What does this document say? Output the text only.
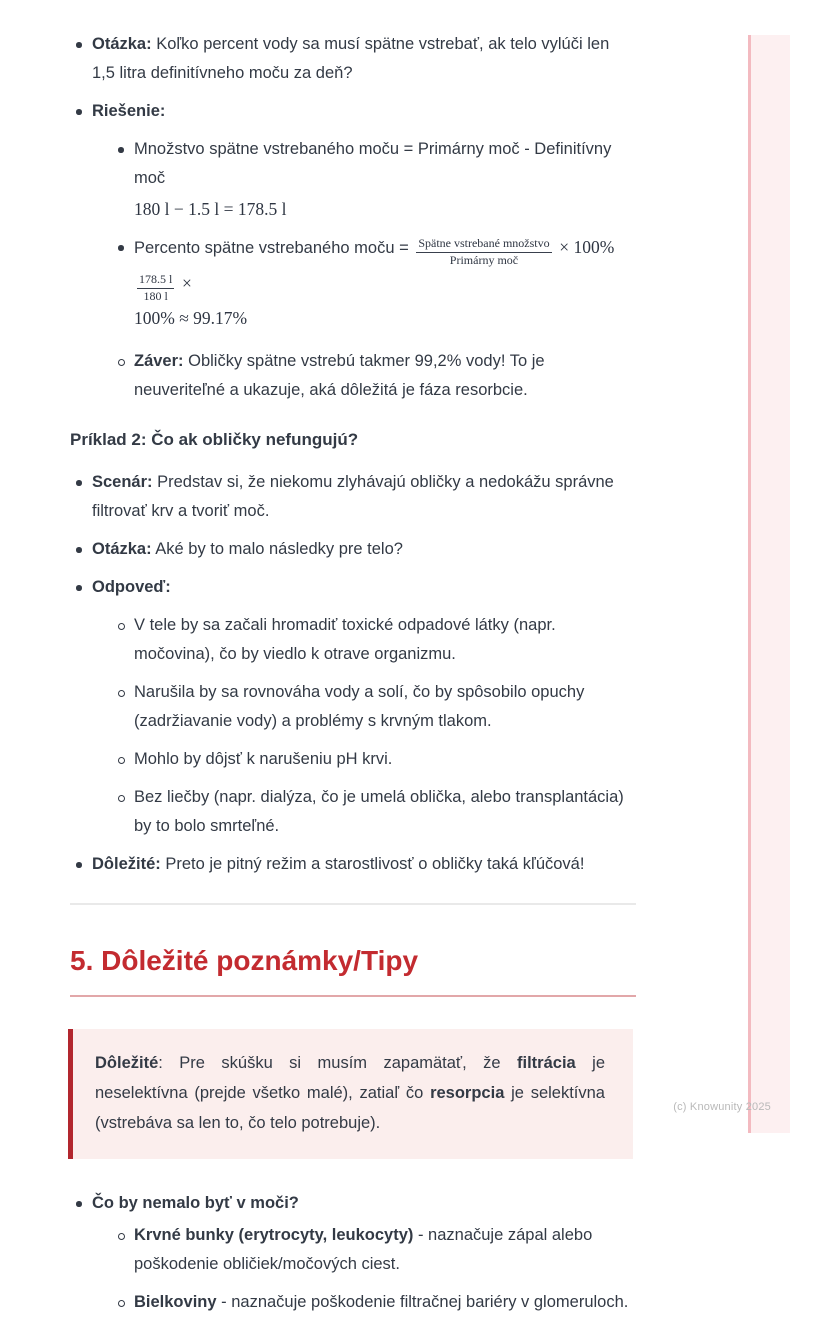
Otázka: Koľko percent vody sa musí spätne vstrebať, ak telo vylúči len 1,5 litra definitívneho moču za deň?
Riešenie:
Množstvo spätne vstrebaného moču = Primárny moč - Definitívny moč
180 l − 1.5 l = 178.5 l
Percento spätne vstrebaného moču = $\frac{\text{Spätne vstrebané množstvo}}{\text{Primárny moč}} \times 100\%$
$\frac{178.5 l}{180 l}$ ×
100% ≈ 99.17%
Záver: Obličky spätne vstrebú takmer 99,2% vody! To je neuveriteľné a ukazuje, aká dôležitá je fáza resorbcie.
Príklad 2: Čo ak obličky nefungujú?
Scenár: Predstav si, že niekomu zlyhávajú obličky a nedokážu správne filtrovať krv a tvoriť moč.
Otázka: Aké by to malo následky pre telo?
Odpoveď:
V tele by sa začali hromadiť toxické odpadové látky (napr. močovina), čo by viedlo k otrave organizmu.
Narušila by sa rovnováha vody a solí, čo by spôsobilo opuchy (zadržiavanie vody) a problémy s krvným tlakom.
Mohlo by dôjsť k narušeniu pH krvi.
Bez liečby (napr. dialýza, čo je umelá oblička, alebo transplantácia) by to bolo smrteľné.
Dôležité: Preto je pitný režim a starostlivosť o obličky taká kľúčová!
5. Dôležité poznámky/Tipy
Dôležité: Pre skúšku si musím zapamätať, že filtrácia je neselektívna (prejde všetko malé), zatiaľ čo resorpcia je selektívna (vstrebáva sa len to, čo telo potrebuje).
Čo by nemalo byť v moči?
Krvné bunky (erytrocyty, leukocyty) - naznačuje zápal alebo poškodenie obličiek/močových ciest.
Bielkoviny - naznačuje poškodenie filtračnej bariéry v glomeruloch.
(c) Knowunity 2025
